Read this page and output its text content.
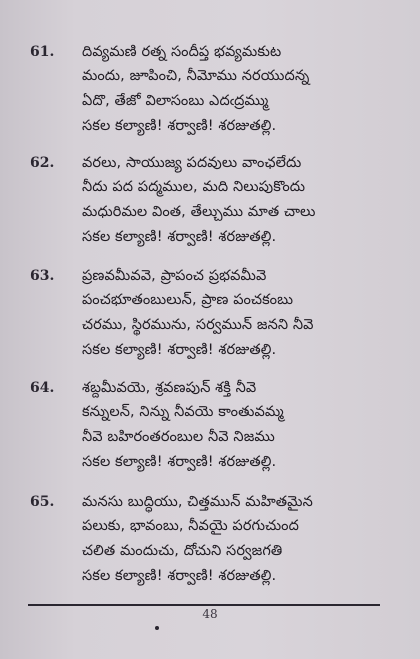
61. దివ్యమణి రత్న సందీప్త భవ్యమకుట
మందు, జూపించి, నీమోము నరయుదన్న
ఏదొ, తేజో విలాసంబు ఎదఁద్రమ్ము
సకల కల్యాణి! శర్వాణి! శరజుతల్లి.
62. వరలు, సాయుజ్య పదవులు వాంఛలేదు
నీదు పద పద్మముల, మది నిలుపుకొందు
మధురిమల వింత, తేల్చుము మాత చాలు
సకల కల్యాణి! శర్వాణి! శరజుతల్లి.
63. ప్రణవమీవవె, ప్రాపంచ ప్రభవమీవె
పంచభూతంబులున్, ప్రాణ పంచకంబు
చరము, స్థిరమును, సర్వమున్ జనని నీవె
సకల కల్యాణి! శర్వాణి! శరజుతల్లి.
64. శబ్దమీవయె, శ్రవణపున్ శక్తి నీవె
కన్నులన్, నిన్ను నీవయె కాంతువమ్మ
నీవె బహిరంతరంబుల నీవె నిజము
సకల కల్యాణి! శర్వాణి! శరజుతల్లి.
65. మనసు బుద్ధియు, చిత్తమున్ మహితమైన
పలుకు, భావంబు, నీవయై పరగుచుంద
చలిత మందుచు, దోచుని సర్వజగతి
సకల కల్యాణి! శర్వాణి! శరజుతల్లి.
48
